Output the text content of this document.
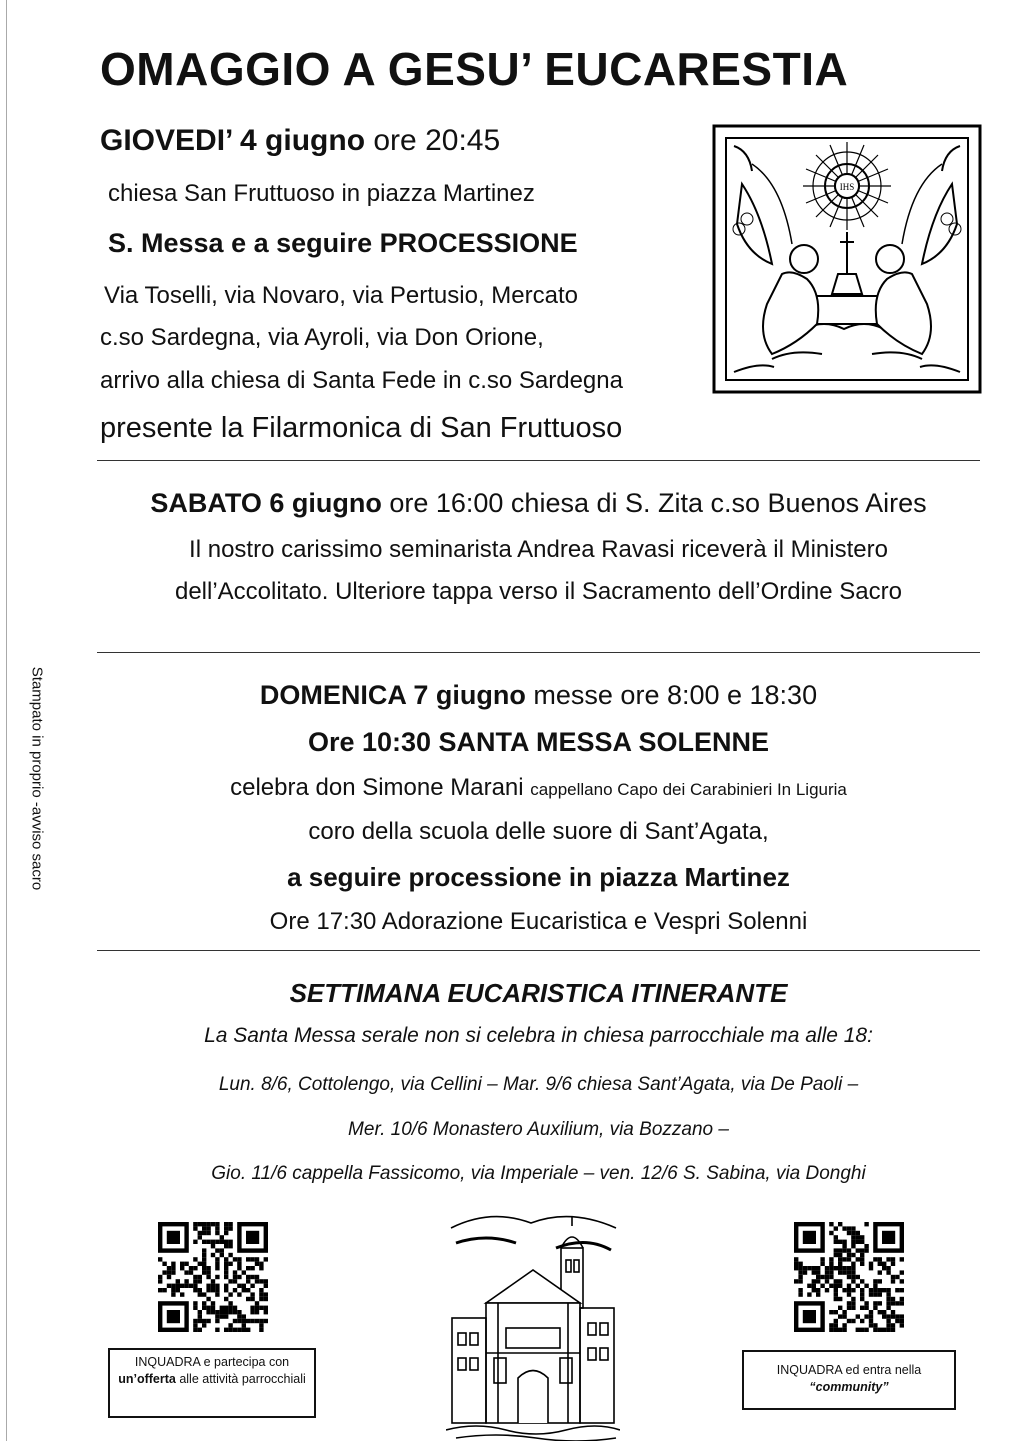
Stampato in proprio -avviso sacro
OMAGGIO A GESU’ EUCARESTIA
GIOVEDI’ 4 giugno ore 20:45
chiesa San Fruttuoso in piazza Martinez
S. Messa e a seguire PROCESSIONE
Via Toselli, via Novaro, via Pertusio, Mercato
c.so Sardegna, via Ayroli, via Don Orione,
arrivo alla chiesa di Santa Fede in c.so Sardegna
presente la Filarmonica di San Fruttuoso
IHS
SABATO 6 giugno ore 16:00 chiesa di S. Zita c.so Buenos Aires
Il nostro carissimo seminarista Andrea Ravasi riceverà il Ministero
dell’Accolitato. Ulteriore tappa verso il Sacramento dell’Ordine Sacro
DOMENICA 7 giugno messe ore 8:00 e 18:30
Ore 10:30 SANTA MESSA SOLENNE
celebra don Simone Marani cappellano Capo dei Carabinieri In Liguria
coro della scuola delle suore di Sant’Agata,
a seguire processione in piazza Martinez
Ore 17:30 Adorazione Eucaristica e Vespri Solenni
SETTIMANA EUCARISTICA ITINERANTE
La Santa Messa serale non si celebra in chiesa parrocchiale ma alle 18:
Lun. 8/6, Cottolengo, via Cellini – Mar. 9/6 chiesa Sant’Agata, via De Paoli –
Mer. 10/6 Monastero Auxilium, via Bozzano –
Gio. 11/6 cappella Fassicomo, via Imperiale – ven. 12/6 S. Sabina, via Donghi
INQUADRA e partecipa con un’offerta alle attività parrocchiali
INQUADRA ed entra nella
“community”
